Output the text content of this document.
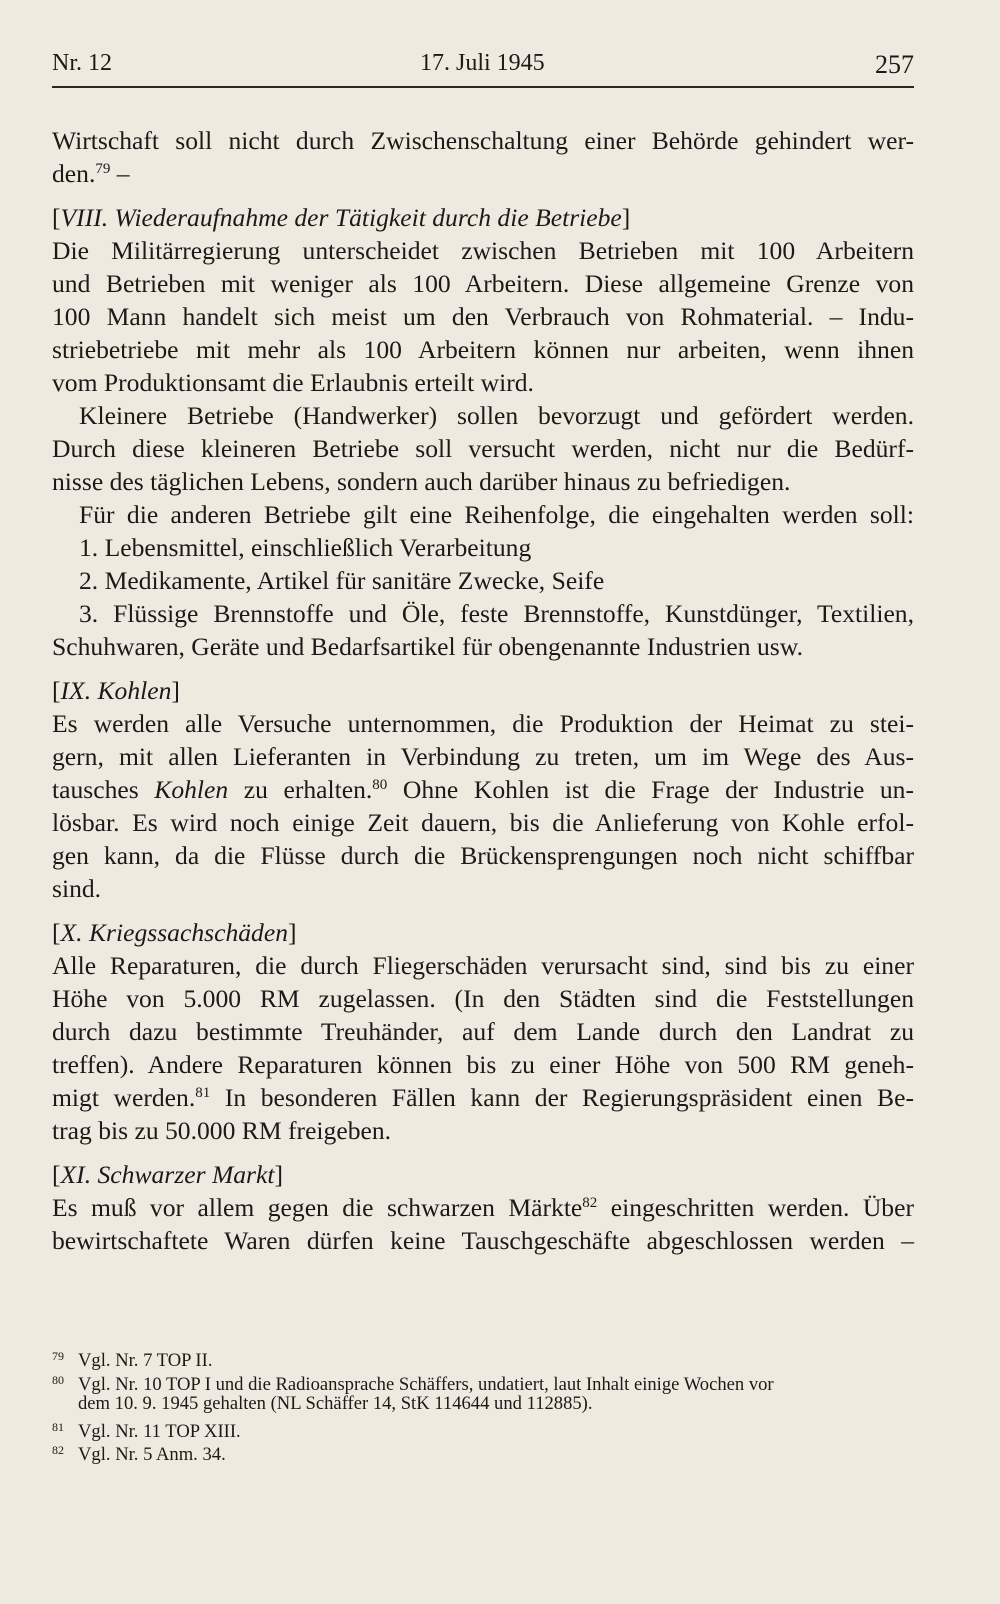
Nr. 12	17. Juli 1945	257
Wirtschaft soll nicht durch Zwischenschaltung einer Behörde gehindert wer-
den.$^{79}$ –
[VIII. Wiederaufnahme der Tätigkeit durch die Betriebe]
Die Militärregierung unterscheidet zwischen Betrieben mit 100 Arbeitern
und Betrieben mit weniger als 100 Arbeitern. Diese allgemeine Grenze von
100 Mann handelt sich meist um den Verbrauch von Rohmaterial. – Indu-
striebetriebe mit mehr als 100 Arbeitern können nur arbeiten, wenn ihnen
vom Produktionsamt die Erlaubnis erteilt wird.
Kleinere Betriebe (Handwerker) sollen bevorzugt und gefördert werden.
Durch diese kleineren Betriebe soll versucht werden, nicht nur die Bedürf-
nisse des täglichen Lebens, sondern auch darüber hinaus zu befriedigen.
Für die anderen Betriebe gilt eine Reihenfolge, die eingehalten werden soll:
1. Lebensmittel, einschließlich Verarbeitung
2. Medikamente, Artikel für sanitäre Zwecke, Seife
3. Flüssige Brennstoffe und Öle, feste Brennstoffe, Kunstdünger, Textilien,
Schuhwaren, Geräte und Bedarfsartikel für obengenannte Industrien usw.
[IX. Kohlen]
Es werden alle Versuche unternommen, die Produktion der Heimat zu stei-
gern, mit allen Lieferanten in Verbindung zu treten, um im Wege des Aus-
tausches Kohlen zu erhalten.$^{80}$ Ohne Kohlen ist die Frage der Industrie un-
lösbar. Es wird noch einige Zeit dauern, bis die Anlieferung von Kohle erfol-
gen kann, da die Flüsse durch die Brückensprengungen noch nicht schiffbar
sind.
[X. Kriegssachschäden]
Alle Reparaturen, die durch Fliegerschäden verursacht sind, sind bis zu einer
Höhe von 5.000 RM zugelassen. (In den Städten sind die Feststellungen
durch dazu bestimmte Treuhänder, auf dem Lande durch den Landrat zu
treffen). Andere Reparaturen können bis zu einer Höhe von 500 RM geneh-
migt werden.$^{81}$ In besonderen Fällen kann der Regierungspräsident einen Be-
trag bis zu 50.000 RM freigeben.
[XI. Schwarzer Markt]
Es muß vor allem gegen die schwarzen Märkte$^{82}$ eingeschritten werden. Über
bewirtschaftete Waren dürfen keine Tauschgeschäfte abgeschlossen werden –
79 Vgl. Nr. 7 TOP II.
80 Vgl. Nr. 10 TOP I und die Radioansprache Schäffers, undatiert, laut Inhalt einige Wochen vor
dem 10. 9. 1945 gehalten (NL Schäffer 14, StK 114644 und 112885).
81 Vgl. Nr. 11 TOP XIII.
82 Vgl. Nr. 5 Anm. 34.
